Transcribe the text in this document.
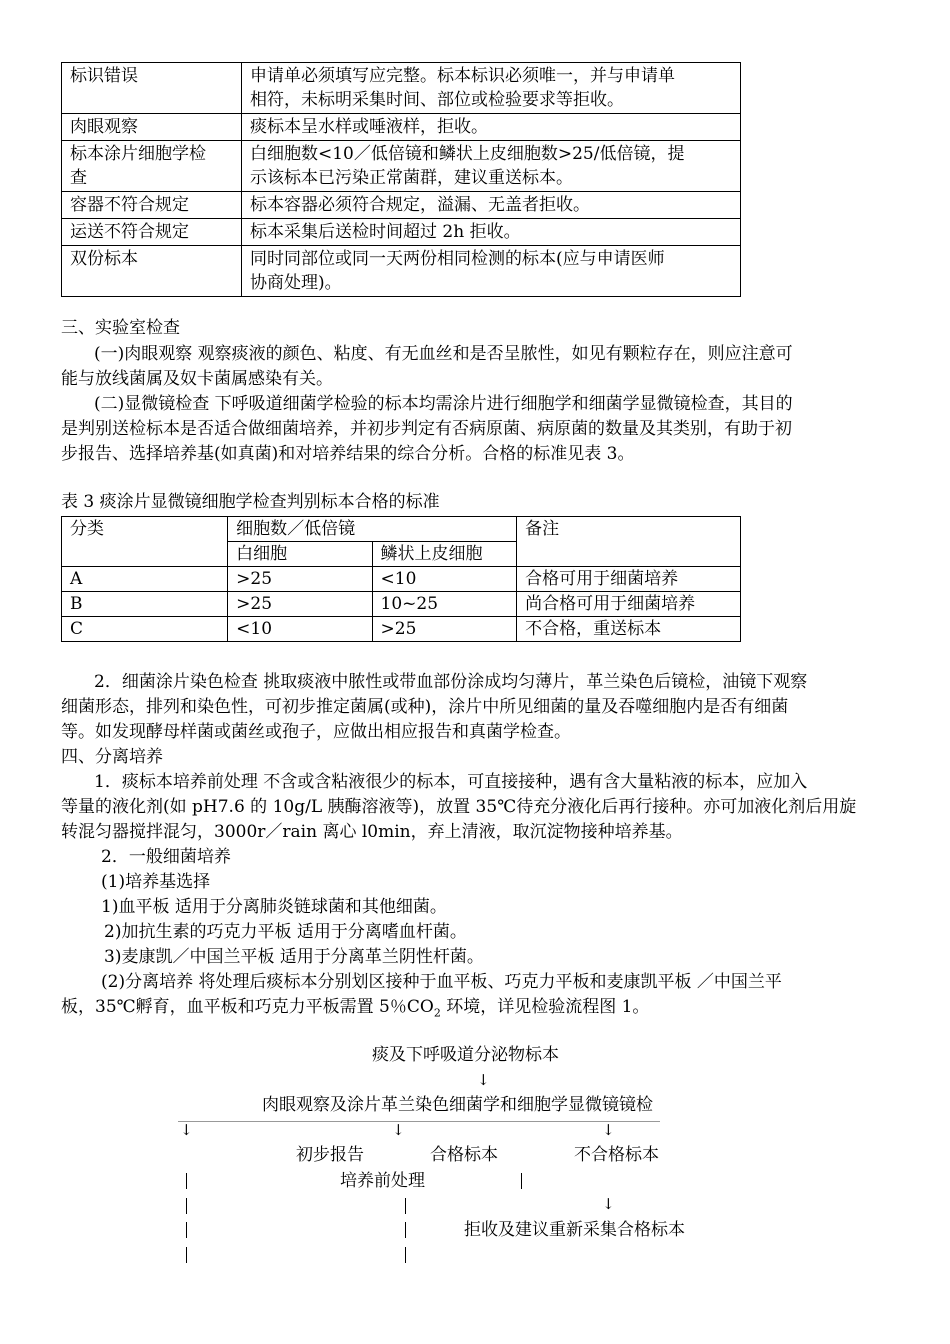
标识错误	申请单必须填写应完整。标本标识必须唯一，并与申请单
相符，未标明采集时间、部位或检验要求等拒收。
肉眼观察	痰标本呈水样或唾液样，拒收。
标本涂片细胞学检
查	白细胞数<10／低倍镜和鳞状上皮细胞数>25/低倍镜，提
示该标本已污染正常菌群，建议重送标本。
容器不符合规定	标本容器必须符合规定，溢漏、无盖者拒收。
运送不符合规定	标本采集后送检时间超过 2h 拒收。
双份标本	同时同部位或同一天两份相同检测的标本(应与申请医师
协商处理)。
三、实验室检查
(一)肉眼观察 观察痰液的颜色、粘度、有无血丝和是否呈脓性，如见有颗粒存在，则应注意可
能与放线菌属及奴卡菌属感染有关。
(二)显微镜检查 下呼吸道细菌学检验的标本均需涂片进行细胞学和细菌学显微镜检查，其目的
是判别送检标本是否适合做细菌培养，并初步判定有否病原菌、病原菌的数量及其类别，有助于初
步报告、选择培养基(如真菌)和对培养结果的综合分析。合格的标准见表 3。
表 3 痰涂片显微镜细胞学检查判别标本合格的标准
分类	细胞数／低倍镜		备注
	白细胞	鳞状上皮细胞	
A	>25	<10	合格可用于细菌培养
B	>25	10~25	尚合格可用于细菌培养
C	<10	>25	不合格，重送标本
2．细菌涂片染色检查 挑取痰液中脓性或带血部份涂成均匀薄片，革兰染色后镜检，油镜下观察
细菌形态，排列和染色性，可初步推定菌属(或种)，涂片中所见细菌的量及吞噬细胞内是否有细菌
等。如发现酵母样菌或菌丝或孢子，应做出相应报告和真菌学检查。
四、分离培养
1．痰标本培养前处理 不含或含粘液很少的标本，可直接接种，遇有含大量粘液的标本，应加入
等量的液化剂(如 pH7.6 的 10g/L 胰酶溶液等)，放置 35℃待充分液化后再行接种。亦可加液化剂后用旋
转混匀器搅拌混匀，3000r／rain 离心 l0min，弃上清液，取沉淀物接种培养基。
2．一般细菌培养
(1)培养基选择
1)血平板 适用于分离肺炎链球菌和其他细菌。
2)加抗生素的巧克力平板 适用于分离嗜血杆菌。
3)麦康凯／中国兰平板 适用于分离革兰阴性杆菌。
(2)分离培养 将处理后痰标本分别划区接种于血平板、巧克力平板和麦康凯平板 ／中国兰平
板，35℃孵育，血平板和巧克力平板需置 5％$CO_2$ 环境，详见检验流程图 1。
痰及下呼吸道分泌物标本
↓
肉眼观察及涂片革兰染色细菌学和细胞学显微镜镜检
↓	↓	↓
初步报告	合格标本	不合格标本
培养前处理
↓
拒收及建议重新采集合格标本
